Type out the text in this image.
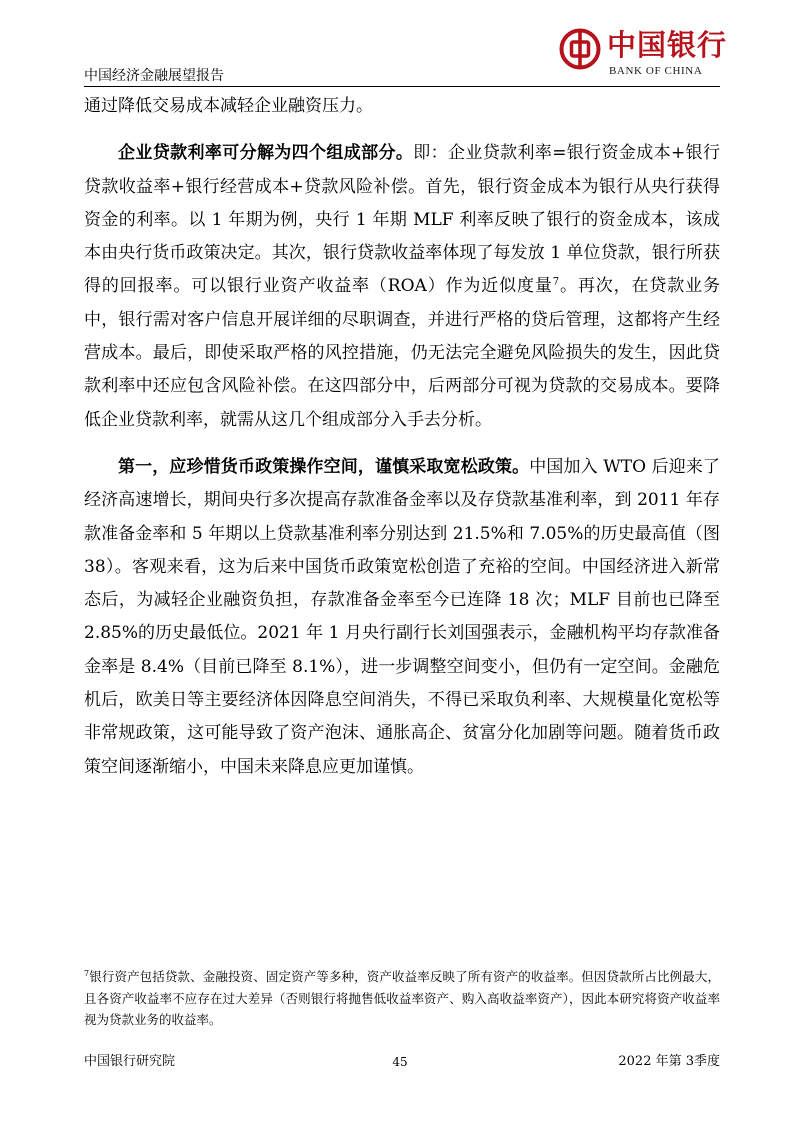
中国银行
BANK OF CHINA
中国经济金融展望报告

通过降低交易成本减轻企业融资压力。

企业贷款利率可分解为四个组成部分。即：企业贷款利率=银行资金成本+银行贷款收益率+银行经营成本+贷款风险补偿。首先，银行资金成本为银行从央行获得资金的利率。以 1 年期为例，央行 1 年期 MLF 利率反映了银行的资金成本，该成本由央行货币政策决定。其次，银行贷款收益率体现了每发放 1 单位贷款，银行所获得的回报率。可以银行业资产收益率（ROA）作为近似度量$^7$。再次，在贷款业务中，银行需对客户信息开展详细的尽职调查，并进行严格的贷后管理，这都将产生经营成本。最后，即使采取严格的风控措施，仍无法完全避免风险损失的发生，因此贷款利率中还应包含风险补偿。在这四部分中，后两部分可视为贷款的交易成本。要降低企业贷款利率，就需从这几个组成部分入手去分析。

第一，应珍惜货币政策操作空间，谨慎采取宽松政策。中国加入 WTO 后迎来了经济高速增长，期间央行多次提高存款准备金率以及存贷款基准利率，到 2011 年存款准备金率和 5 年期以上贷款基准利率分别达到 21.5%和 7.05%的历史最高值（图 38）。客观来看，这为后来中国货币政策宽松创造了充裕的空间。中国经济进入新常态后，为减轻企业融资负担，存款准备金率至今已连降 18 次；MLF 目前也已降至 2.85%的历史最低位。2021 年 1 月央行副行长刘国强表示，金融机构平均存款准备金率是 8.4%（目前已降至 8.1%），进一步调整空间变小，但仍有一定空间。金融危机后，欧美日等主要经济体因降息空间消失，不得已采取负利率、大规模量化宽松等非常规政策，这可能导致了资产泡沫、通胀高企、贫富分化加剧等问题。随着货币政策空间逐渐缩小，中国未来降息应更加谨慎。

$^7$银行资产包括贷款、金融投资、固定资产等多种，资产收益率反映了所有资产的收益率。但因贷款所占比例最大，且各资产收益率不应存在过大差异（否则银行将抛售低收益率资产、购入高收益率资产），因此本研究将资产收益率视为贷款业务的收益率。
中国银行研究院	45	2022 年第 3季度
